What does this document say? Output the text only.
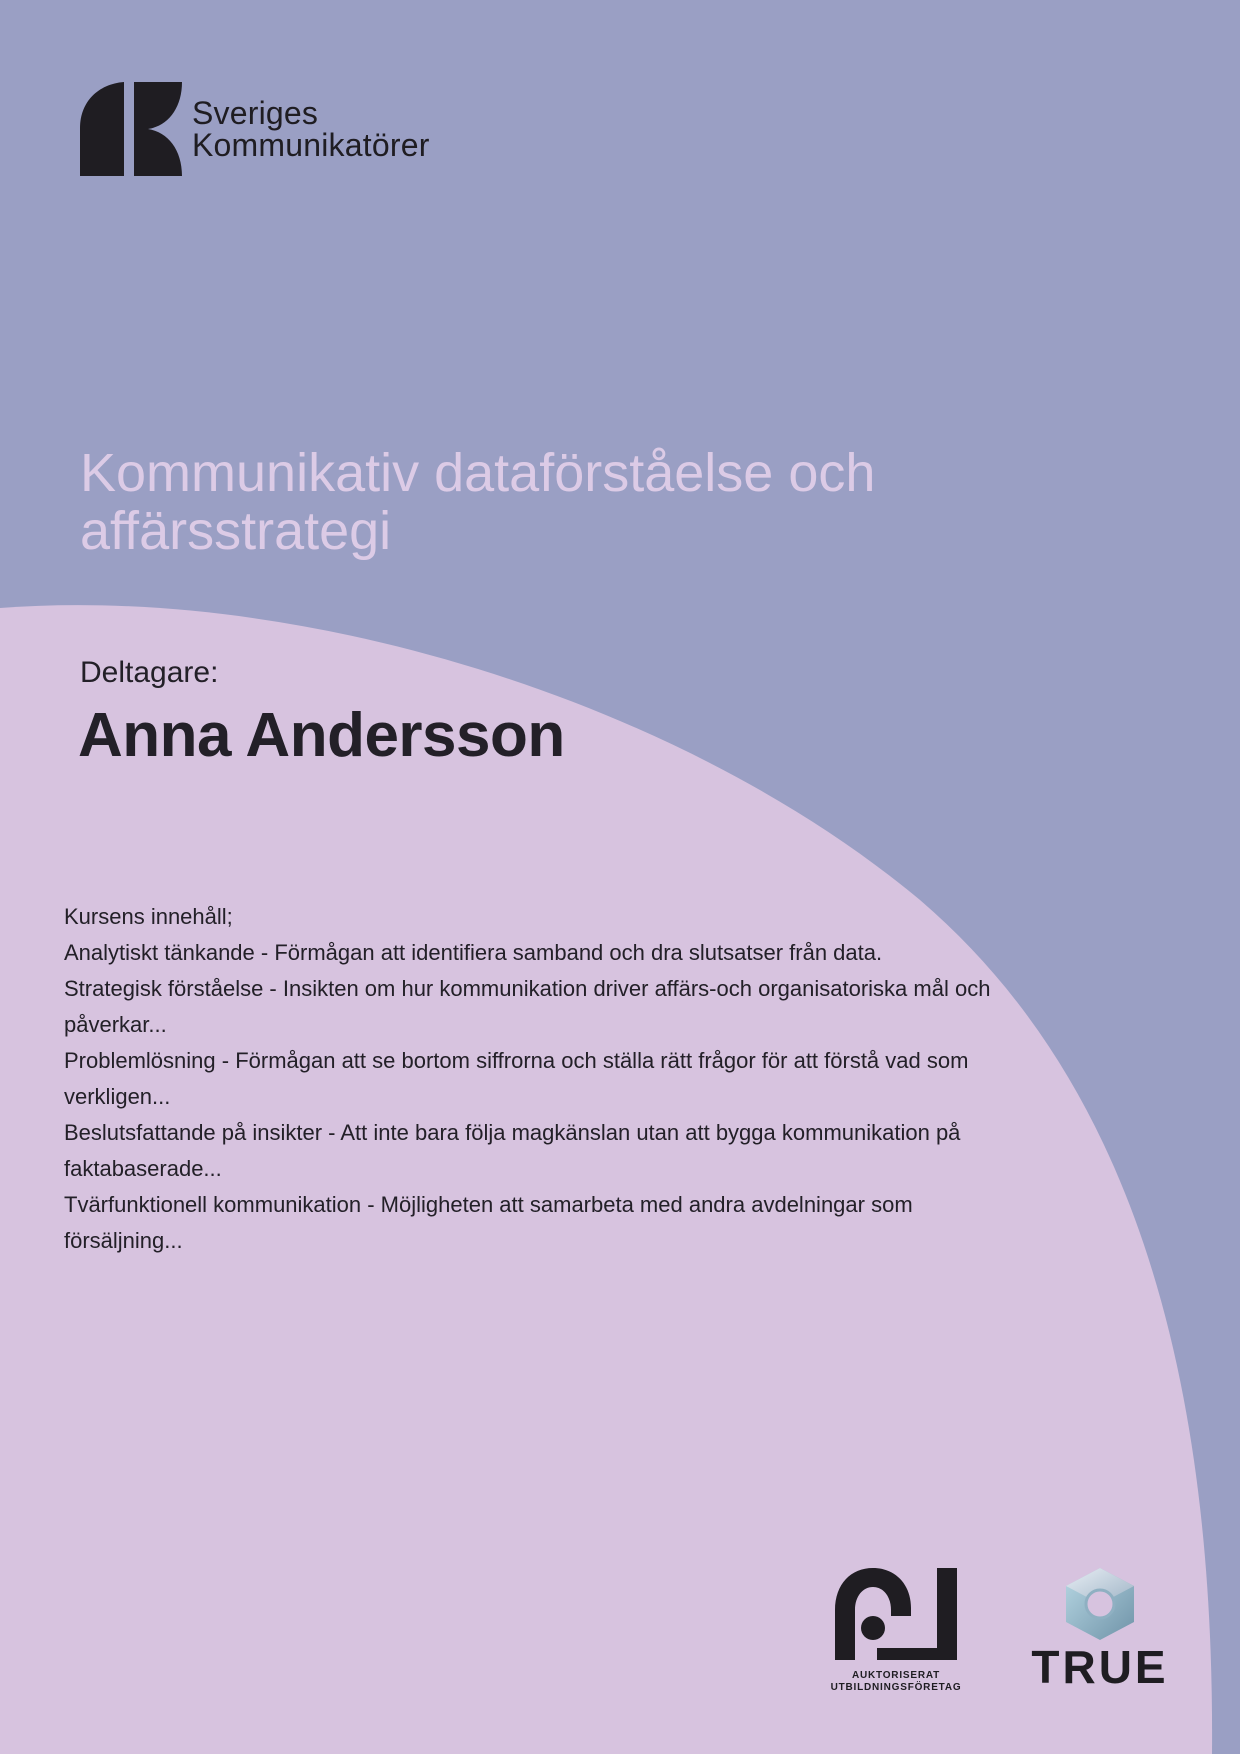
Sveriges
Kommunikatörer
Kommunikativ dataförståelse och affärsstrategi
Deltagare:
Anna Andersson

Kursens innehåll;

Analytiskt tänkande - Förmågan att identifiera samband och dra slutsatser från data.

Strategisk förståelse - Insikten om hur kommunikation driver affärs-och organisatoriska mål och påverkar...

Problemlösning - Förmågan att se bortom siffrorna och ställa rätt frågor för att förstå vad som verkligen...

Beslutsfattande på insikter - Att inte bara följa magkänslan utan att bygga kommunikation på faktabaserade...

Tvärfunktionell kommunikation - Möjligheten att samarbeta med andra avdelningar som försäljning...

AUKTORISERAT
UTBILDNINGSFÖRETAG TRUE
